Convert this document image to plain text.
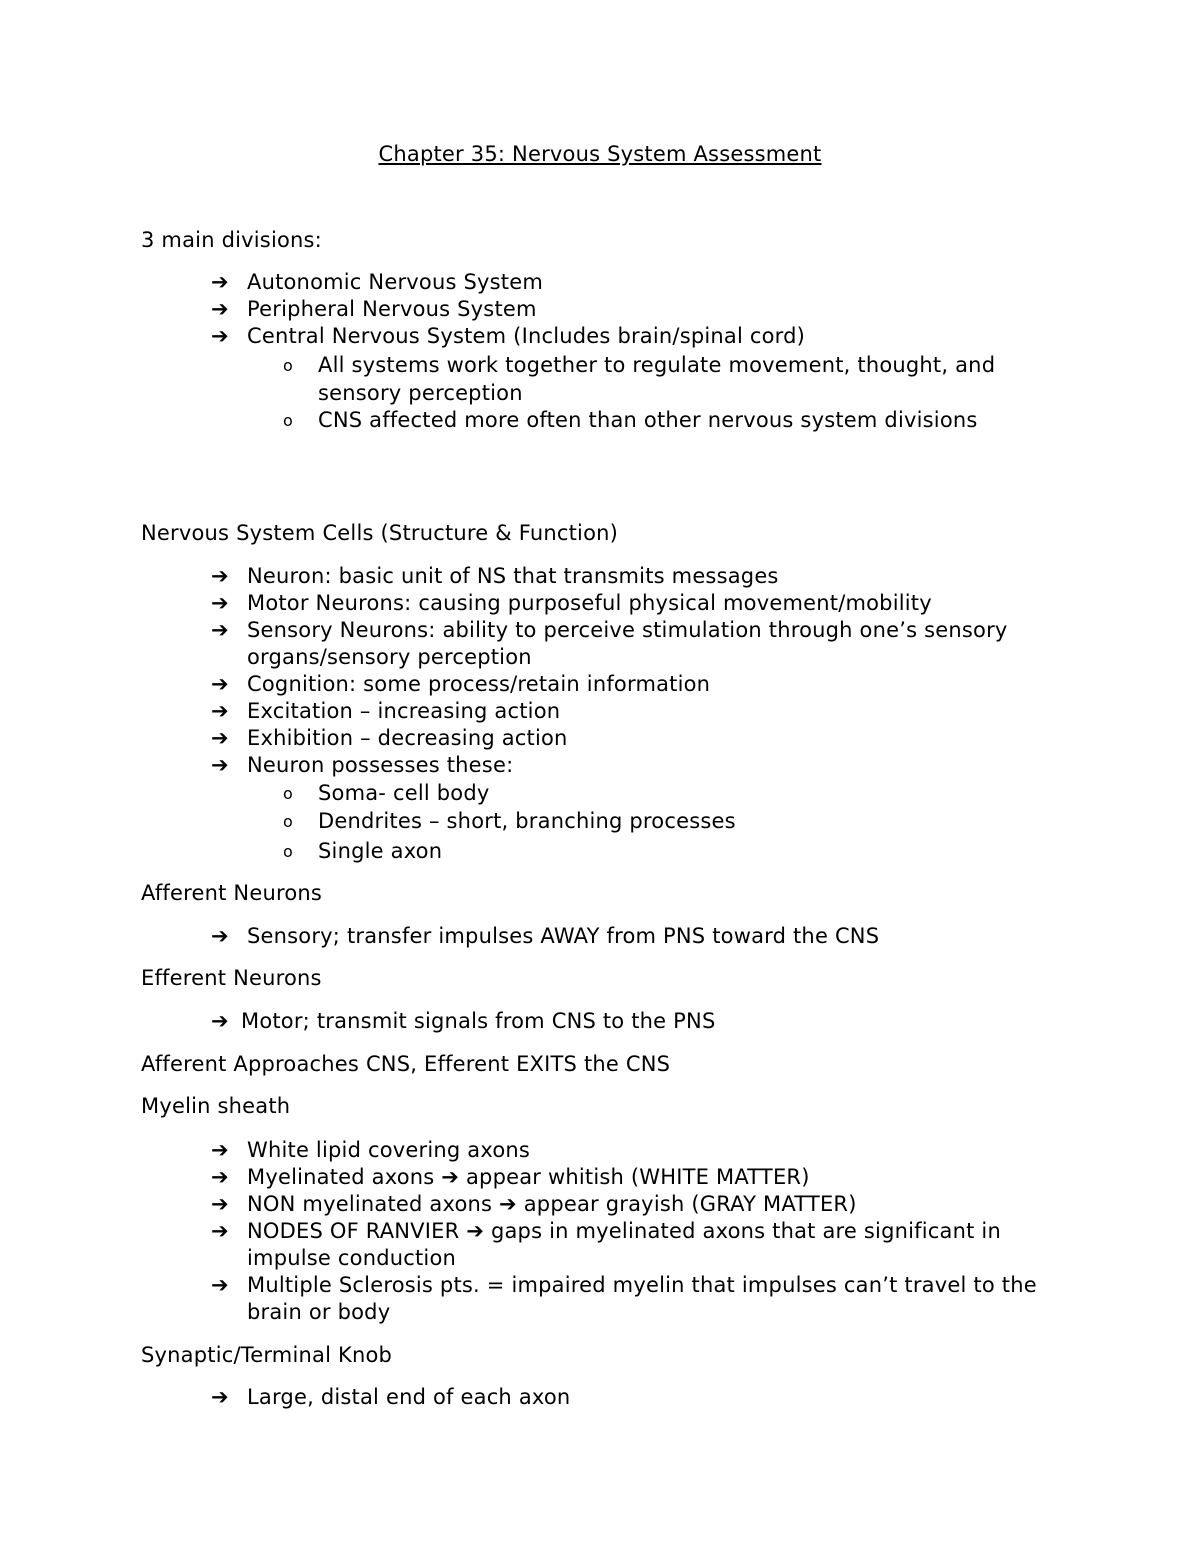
Chapter 35: Nervous System Assessment
3 main divisions:
➔ Autonomic Nervous System
➔ Peripheral Nervous System
➔ Central Nervous System (Includes brain/spinal cord)
o	All systems work together to regulate movement, thought, and sensory perception
o	CNS affected more often than other nervous system divisions
Nervous System Cells (Structure & Function)
➔ Neuron: basic unit of NS that transmits messages
➔ Motor Neurons: causing purposeful physical movement/mobility
➔ Sensory Neurons: ability to perceive stimulation through one’s sensory organs/sensory perception
➔ Cognition: some process/retain information
➔ Excitation – increasing action
➔ Exhibition – decreasing action
➔ Neuron possesses these:
o	Soma- cell body
o	Dendrites – short, branching processes
o	Single axon
Afferent Neurons
➔ Sensory; transfer impulses AWAY from PNS toward the CNS
Efferent Neurons
➔ Motor; transmit signals from CNS to the PNS
Afferent Approaches CNS, Efferent EXITS the CNS
Myelin sheath
➔ White lipid covering axons
➔ Myelinated axons ➔ appear whitish (WHITE MATTER)
➔ NON myelinated axons ➔ appear grayish (GRAY MATTER)
➔ NODES OF RANVIER ➔ gaps in myelinated axons that are significant in impulse conduction
➔ Multiple Sclerosis pts. = impaired myelin that impulses can’t travel to the brain or body
Synaptic/Terminal Knob
➔ Large, distal end of each axon
